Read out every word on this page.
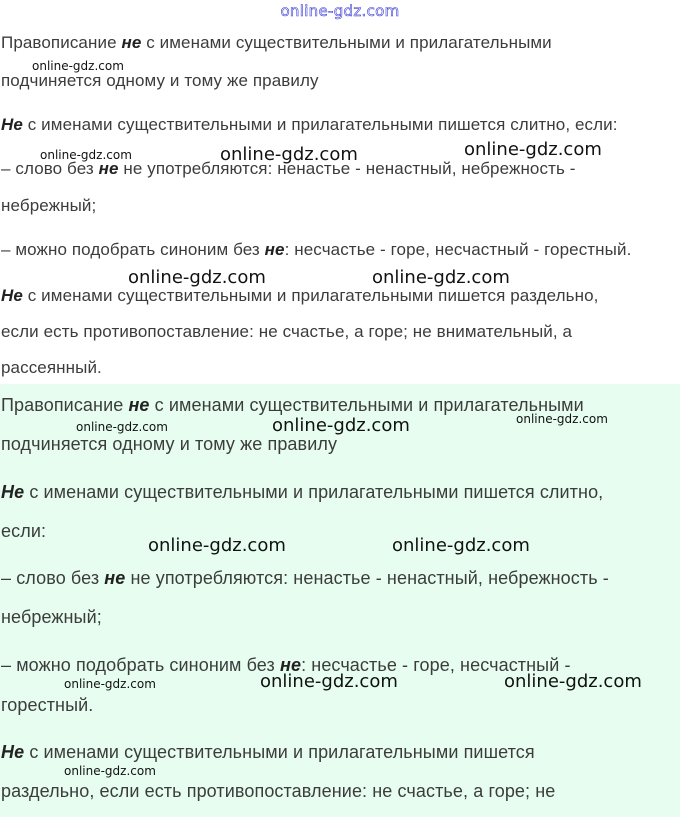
online-gdz.com
Правописание не с именами существительными и прилагательными
подчиняется одному и тому же правилу
Не с именами существительными и прилагательными пишется слитно, если:
– слово без не не употребляются: ненастье - ненастный, небрежность -
небрежный;
– можно подобрать синоним без не: несчастье - горе, несчастный - горестный.
Не с именами существительными и прилагательными пишется раздельно,
если есть противопоставление: не счастье, а горе; не внимательный, а
рассеянный.
Правописание не с именами существительными и прилагательными
подчиняется одному и тому же правилу
Не с именами существительными и прилагательными пишется слитно,
если:
– слово без не не употребляются: ненастье - ненастный, небрежность -
небрежный;
– можно подобрать синоним без не: несчастье - горе, несчастный -
горестный.
Не с именами существительными и прилагательными пишется
раздельно, если есть противопоставление: не счастье, а горе; не
online-gdz.com
online-gdz.com	online-gdz.com	online-gdz.com
online-gdz.com	online-gdz.com
online-gdz.com	online-gdz.com	online-gdz.com
online-gdz.com	online-gdz.com
online-gdz.com	online-gdz.com	online-gdz.com
online-gdz.com
